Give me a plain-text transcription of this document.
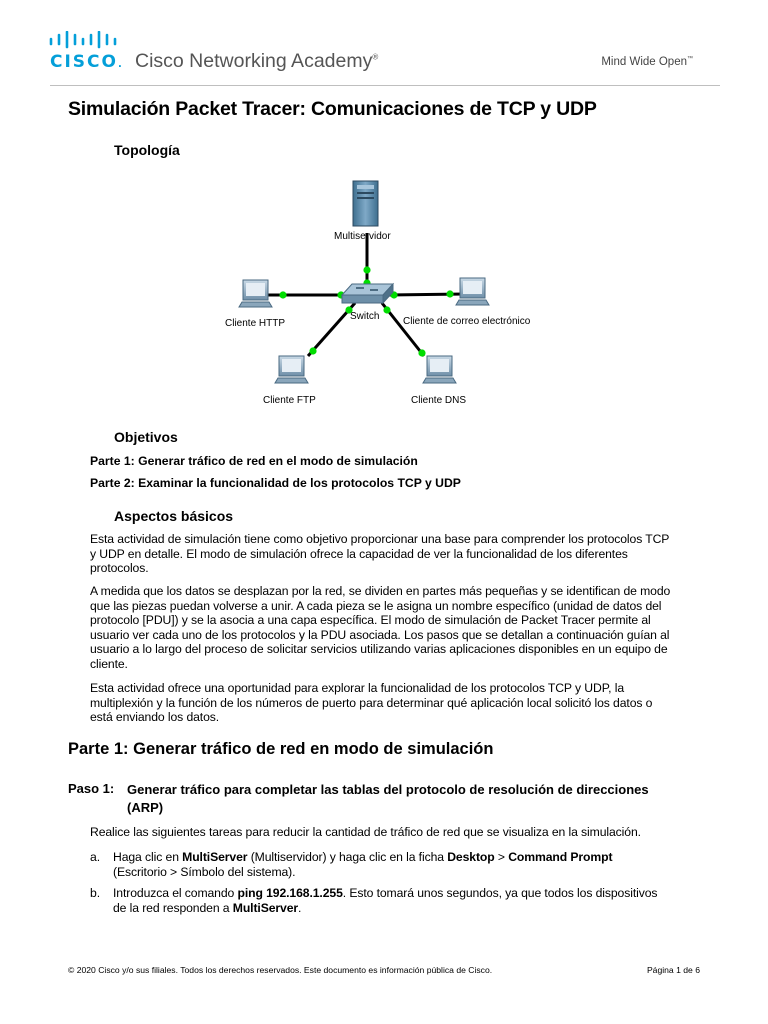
CISCO. Cisco Networking Academy®	Mind Wide Open™
Simulación Packet Tracer: Comunicaciones de TCP y UDP

Topología

Multiservidor
Switch
Cliente HTTP	Cliente de correo electrónico
Cliente FTP	Cliente DNS

Objetivos

Parte 1: Generar tráfico de red en el modo de simulación

Parte 2: Examinar la funcionalidad de los protocolos TCP y UDP

Aspectos básicos

Esta actividad de simulación tiene como objetivo proporcionar una base para comprender los protocolos TCP
y UDP en detalle. El modo de simulación ofrece la capacidad de ver la funcionalidad de los diferentes
protocolos.

A medida que los datos se desplazan por la red, se dividen en partes más pequeñas y se identifican de modo
que las piezas puedan volverse a unir. A cada pieza se le asigna un nombre específico (unidad de datos del
protocolo [PDU]) y se la asocia a una capa específica. El modo de simulación de Packet Tracer permite al
usuario ver cada uno de los protocolos y la PDU asociada. Los pasos que se detallan a continuación guían al
usuario a lo largo del proceso de solicitar servicios utilizando varias aplicaciones disponibles en un equipo de
cliente.

Esta actividad ofrece una oportunidad para explorar la funcionalidad de los protocolos TCP y UDP, la
multiplexión y la función de los números de puerto para determinar qué aplicación local solicitó los datos o
está enviando los datos.

Parte 1: Generar tráfico de red en modo de simulación
Paso 1: Generar tráfico para completar las tablas del protocolo de resolución de direcciones
(ARP)

Realice las siguientes tareas para reducir la cantidad de tráfico de red que se visualiza en la simulación.

a. Haga clic en MultiServer (Multiservidor) y haga clic en la ficha Desktop > Command Prompt
(Escritorio > Símbolo del sistema).
b. Introduzca el comando ping 192.168.1.255. Esto tomará unos segundos, ya que todos los dispositivos
de la red responden a MultiServer.
© 2020 Cisco y/o sus filiales. Todos los derechos reservados. Este documento es información pública de Cisco.	Página 1 de 6
